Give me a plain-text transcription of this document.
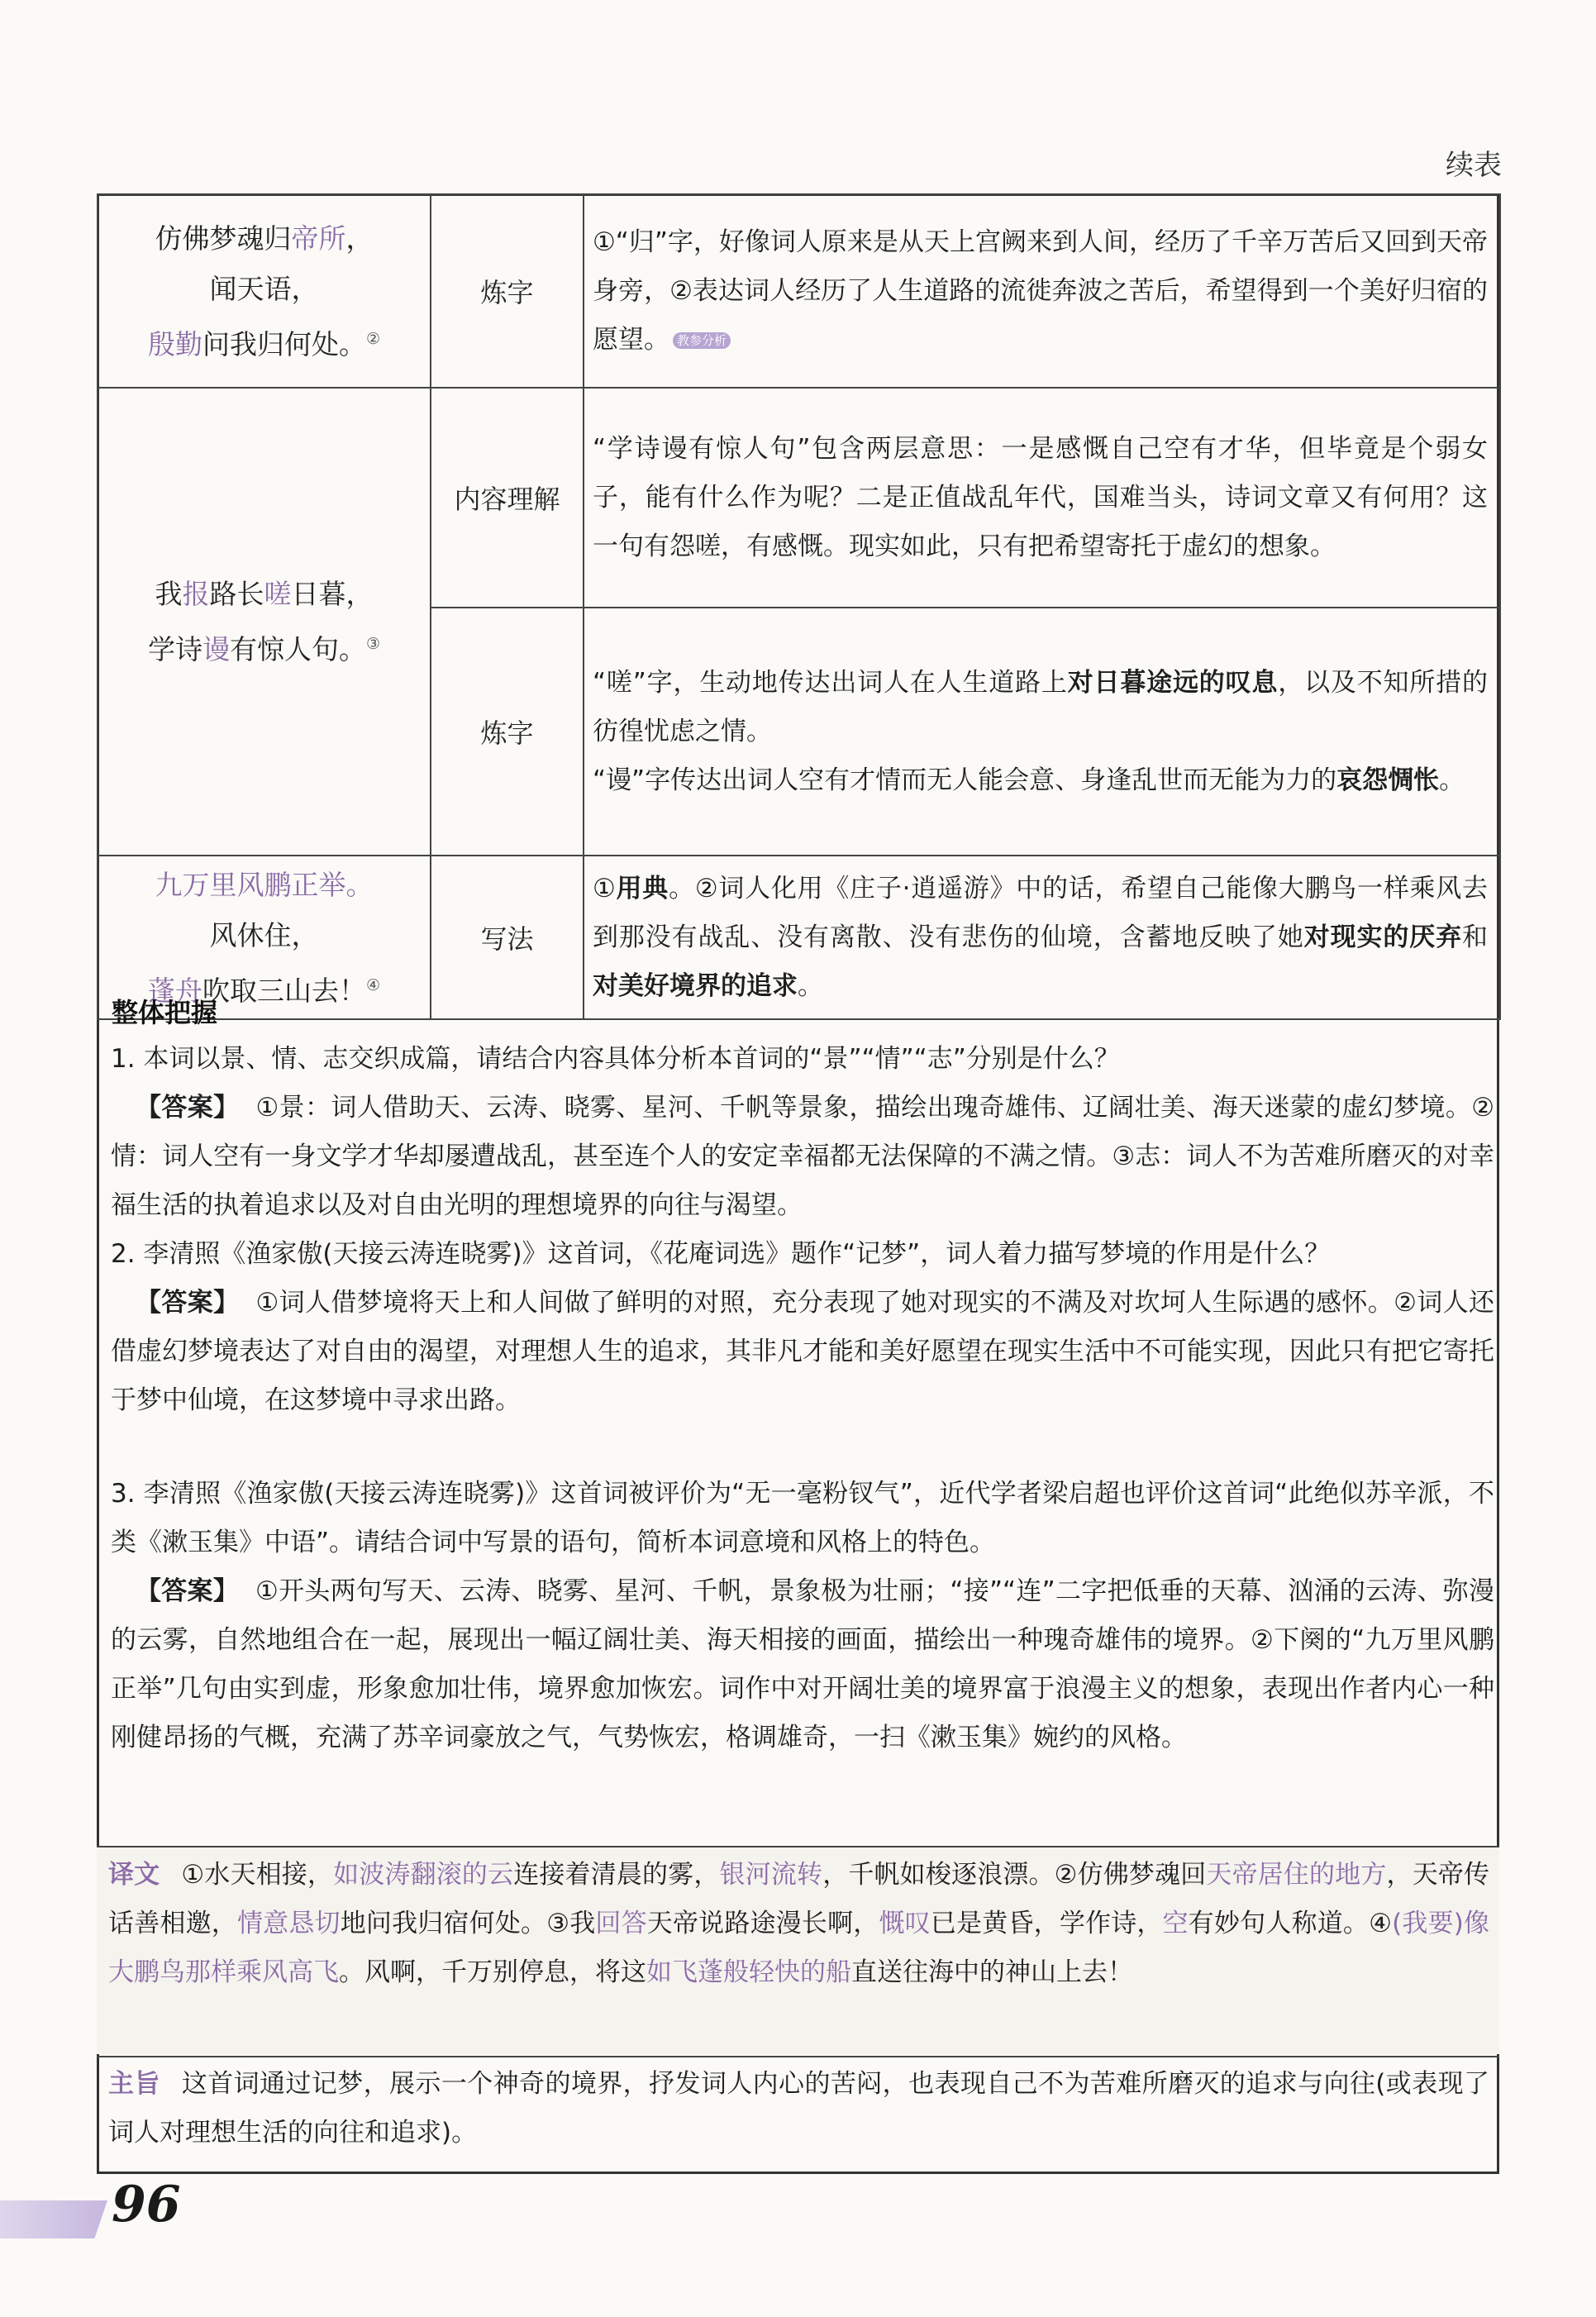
续表
仿佛梦魂归帝所，
闻天语，
殷勤问我归何处。②	炼字	①“归”字，好像词人原来是从天上宫阙来到人间，经历了千辛万苦后又回到天帝身旁，②表达词人经历了人生道路的流徙奔波之苦后，希望得到一个美好归宿的愿望。 教参分析

我报路长嗟日暮，
学诗谩有惊人句。③	内容理解	“学诗谩有惊人句”包含两层意思：一是感慨自己空有才华，但毕竟是个弱女子，能有什么作为呢？二是正值战乱年代，国难当头，诗词文章又有何用？这一句有怨嗟，有感慨。现实如此，只有把希望寄托于虚幻的想象。
	炼字	“嗟”字，生动地传达出词人在人生道路上对日暮途远的叹息，以及不知所措的彷徨忧虑之情。
“谩”字传达出词人空有才情而无人能会意、身逢乱世而无能为力的哀怨惆怅。

九万里风鹏正举。
风休住，
蓬舟吹取三山去！④	写法	①用典。②词人化用《庄子·逍遥游》中的话，希望自己能像大鹏鸟一样乘风去到那没有战乱、没有离散、没有悲伤的仙境，含蓄地反映了她对现实的厌弃和对美好境界的追求。
整体把握

1. 本词以景、情、志交织成篇，请结合内容具体分析本首词的“景”“情”“志”分别是什么？

【答案】 ①景：词人借助天、云涛、晓雾、星河、千帆等景象，描绘出瑰奇雄伟、辽阔壮美、海天迷蒙的虚幻梦境。②情：词人空有一身文学才华却屡遭战乱，甚至连个人的安定幸福都无法保障的不满之情。③志：词人不为苦难所磨灭的对幸福生活的执着追求以及对自由光明的理想境界的向往与渴望。

2. 李清照《渔家傲(天接云涛连晓雾)》这首词，《花庵词选》题作“记梦”，词人着力描写梦境的作用是什么？

【答案】 ①词人借梦境将天上和人间做了鲜明的对照，充分表现了她对现实的不满及对坎坷人生际遇的感怀。②词人还借虚幻梦境表达了对自由的渴望，对理想人生的追求，其非凡才能和美好愿望在现实生活中不可能实现，因此只有把它寄托于梦中仙境，在这梦境中寻求出路。

3. 李清照《渔家傲(天接云涛连晓雾)》这首词被评价为“无一毫粉钗气”，近代学者梁启超也评价这首词“此绝似苏辛派，不类《漱玉集》中语”。请结合词中写景的语句，简析本词意境和风格上的特色。

【答案】 ①开头两句写天、云涛、晓雾、星河、千帆，景象极为壮丽；“接”“连”二字把低垂的天幕、汹涌的云涛、弥漫的云雾，自然地组合在一起，展现出一幅辽阔壮美、海天相接的画面，描绘出一种瑰奇雄伟的境界。②下阕的“九万里风鹏正举”几句由实到虚，形象愈加壮伟，境界愈加恢宏。词作中对开阔壮美的境界富于浪漫主义的想象，表现出作者内心一种刚健昂扬的气概，充满了苏辛词豪放之气，气势恢宏，格调雄奇，一扫《漱玉集》婉约的风格。

译文 ①水天相接，如波涛翻滚的云连接着清晨的雾，银河流转，千帆如梭逐浪漂。②仿佛梦魂回天帝居住的地方，天帝传话善相邀，情意恳切地问我归宿何处。③我回答天帝说路途漫长啊，慨叹已是黄昏，学作诗，空有妙句人称道。④(我要)像大鹏鸟那样乘风高飞。风啊，千万别停息，将这如飞蓬般轻快的船直送往海中的神山上去！
主旨 这首词通过记梦，展示一个神奇的境界，抒发词人内心的苦闷，也表现自己不为苦难所磨灭的追求与向往(或表现了词人对理想生活的向往和追求)。
96
